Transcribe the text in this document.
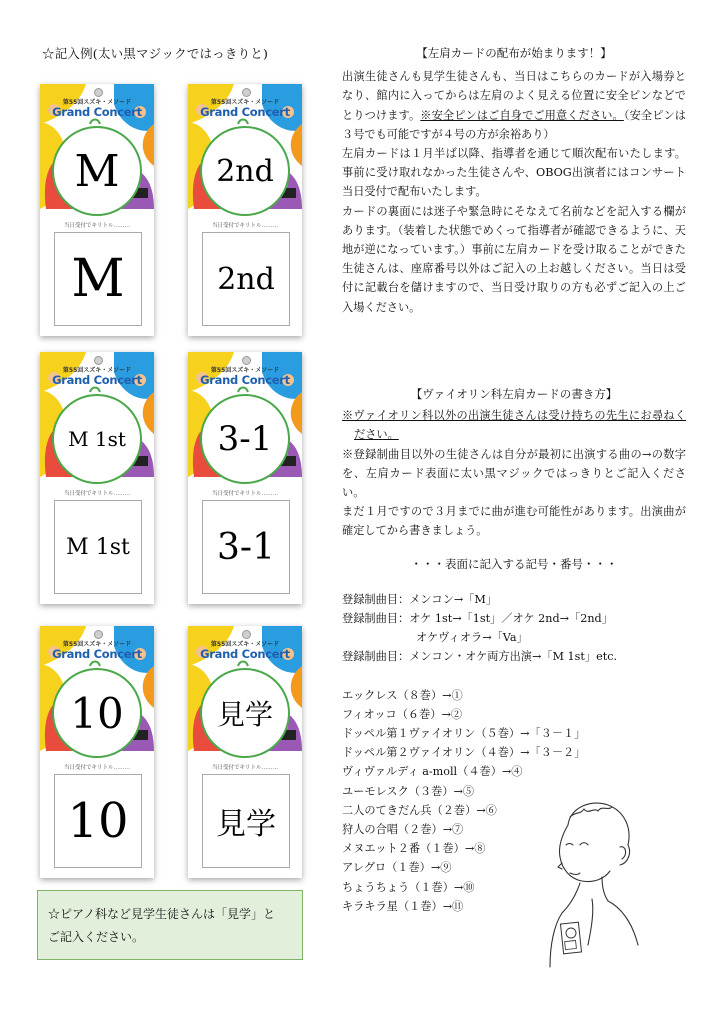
☆記入例(太い黒マジックではっきりと)
第55回スズキ・メソード
Grand Concert
M
当日受付でキリトル………
M
第55回スズキ・メソード
Grand Concert
2nd
当日受付でキリトル………
2nd
第55回スズキ・メソード
Grand Concert
M 1st
当日受付でキリトル………
M 1st
第55回スズキ・メソード
Grand Concert
3-1
当日受付でキリトル………
3-1
第55回スズキ・メソード
Grand Concert
10
当日受付でキリトル………
10
第55回スズキ・メソード
Grand Concert
見学
当日受付でキリトル………
見学
☆ピアノ科など見学生徒さんは「見学」と
ご記入ください。
【左肩カードの配布が始まります！】

出演生徒さんも見学生徒さんも、当日はこちらのカードが入場券となり、館内に入ってからは左肩のよく見える位置に安全ピンなどでとりつけます。※安全ピンはご自身でご用意ください。（安全ピンは３号でも可能ですが４号の方が余裕あり）

左肩カードは１月半ば以降、指導者を通じて順次配布いたします。事前に受け取れなかった生徒さんや、OBOG出演者にはコンサート当日受付で配布いたします。

カードの裏面には迷子や緊急時にそなえて名前などを記入する欄があります。（装着した状態でめくって指導者が確認できるように、天地が逆になっています。）事前に左肩カードを受け取ることができた生徒さんは、座席番号以外はご記入の上お越しください。当日は受付に記載台を儲けますので、当日受け取りの方も必ずご記入の上ご入場ください。

【ヴァイオリン科左肩カードの書き方】

※ヴァイオリン科以外の出演生徒さんは受け持ちの先生にお尋ねください。

※登録制曲目以外の生徒さんは自分が最初に出演する曲の→の数字を、左肩カード表面に太い黒マジックではっきりとご記入ください。

まだ１月ですので３月までに曲が進む可能性があります。出演曲が確定してから書きましょう。

・・・表面に記入する記号・番号・・・
登録制曲目：メンコン→「M」
登録制曲目：オケ 1st→「1st」／オケ 2nd→「2nd」
オケヴィオラ→「Va」
登録制曲目：メンコン・オケ両方出演→「M 1st」etc.
エックレス（８巻）→①
フィオッコ（６巻）→②
ドッペル第１ヴァイオリン（５巻）→「３－１」
ドッペル第２ヴァイオリン（４巻）→「３－２」
ヴィヴァルディ a-moll（４巻）→④
ユーモレスク（３巻）→⑤
二人のてきだん兵（２巻）→⑥
狩人の合唱（２巻）→⑦
メヌエット２番（１巻）→⑧
アレグロ（１巻）→⑨
ちょうちょう（１巻）→⑩
キラキラ星（１巻）→⑪
